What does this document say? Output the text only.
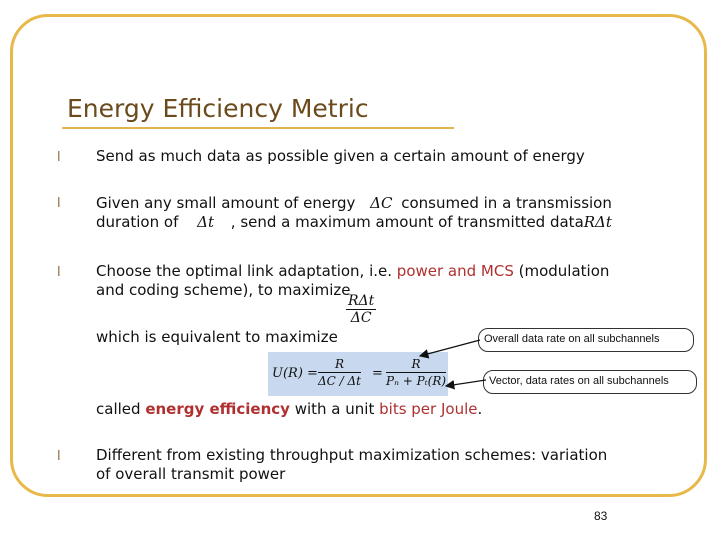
Energy Efficiency Metric
l Send as much data as possible given a certain amount of energy
l Given any small amount of energy ΔC consumed in a transmission
duration of Δt , send a maximum amount of transmitted dataRΔt
l Choose the optimal link adaptation, i.e. power and MCS (modulation
and coding scheme), to maximize
RΔt
ΔC
which is equivalent to maximize
$U(R) = \frac{R}{\Delta C / \Delta t} = \frac{R}{\text{Pₙ + Pₜ(R)}}$
Overall data rate on all subchannels
Vector, data rates on all subchannels
called energy efficiency with a unit bits per Joule.
l Different from existing throughput maximization schemes: variation
of overall transmit power
83
